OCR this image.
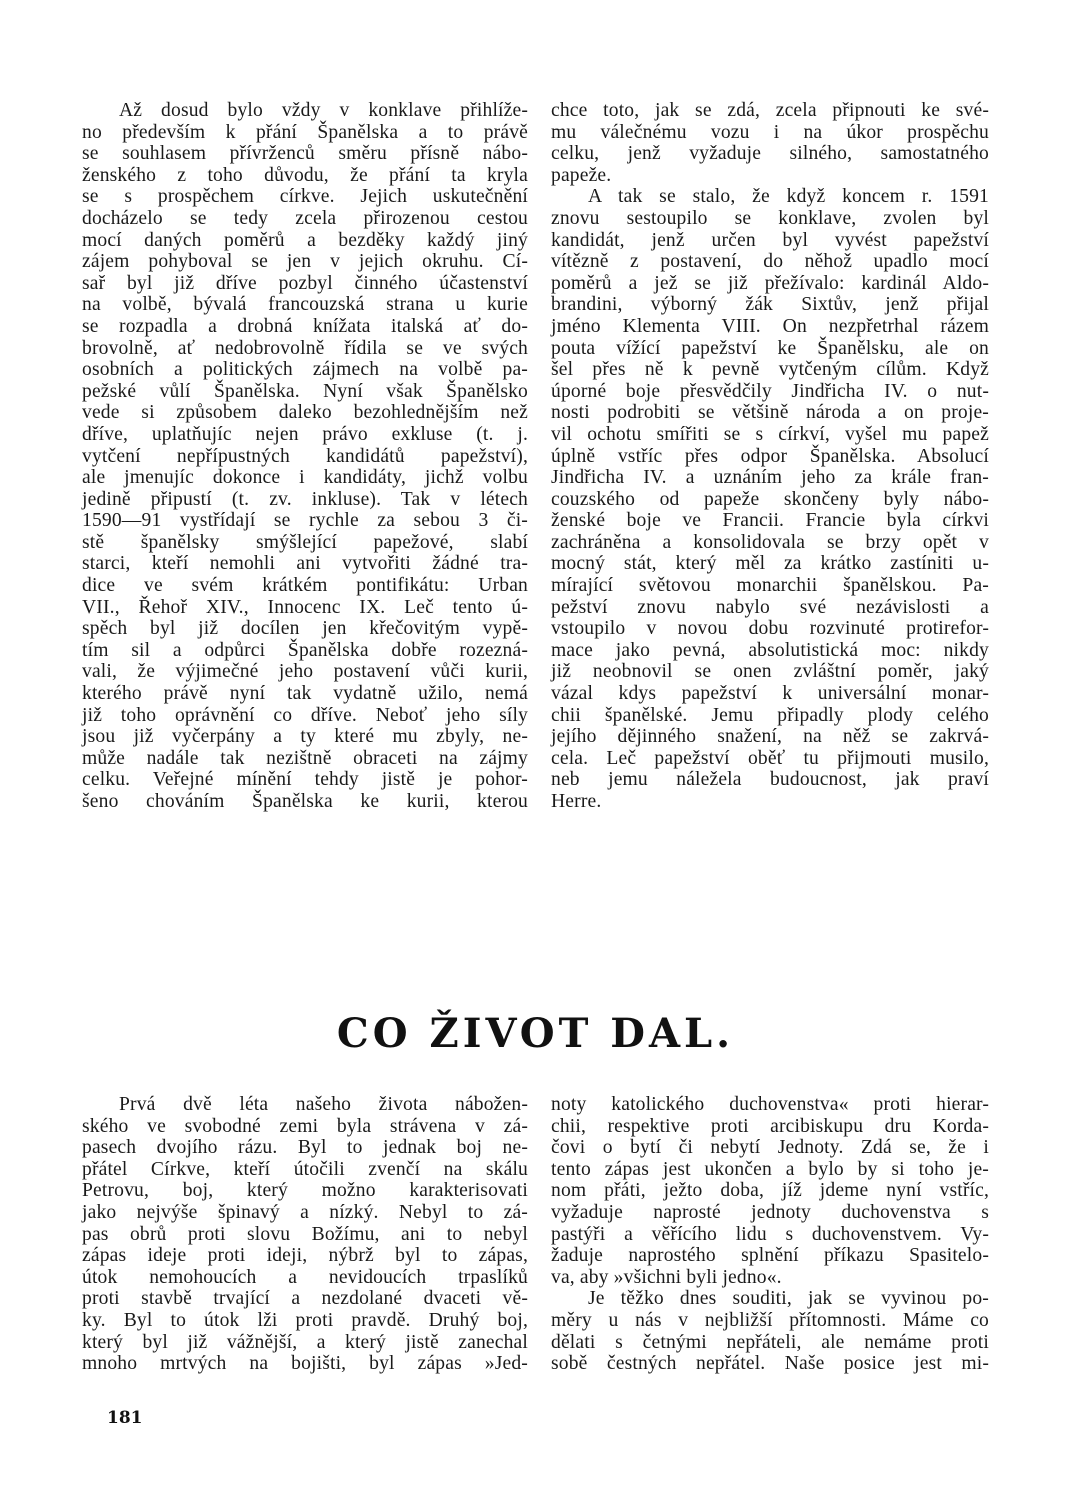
Až dosud bylo vždy v konklave přihlíže-
no především k přání Španělska a to právě
se souhlasem přívrženců směru přísně nábo-
ženského z toho důvodu, že přání ta kryla
se s prospěchem církve. Jejich uskutečnění
docházelo se tedy zcela přirozenou cestou
mocí daných poměrů a bezděky každý jiný
zájem pohyboval se jen v jejich okruhu. Cí-
sař byl již dříve pozbyl činného účastenství
na volbě, bývalá francouzská strana u kurie
se rozpadla a drobná knížata italská ať do-
brovolně, ať nedobrovolně řídila se ve svých
osobních a politických zájmech na volbě pa-
pežské vůlí Španělska. Nyní však Španělsko
vede si způsobem daleko bezohlednějším než
dříve, uplatňujíc nejen právo exkluse (t. j.
vytčení nepřípustných kandidátů papežství),
ale jmenujíc dokonce i kandidáty, jichž volbu
jedině připustí (t. zv. inkluse). Tak v létech
1590—91 vystřídají se rychle za sebou 3 či-
stě španělsky smýšlející papežové, slabí
starci, kteří nemohli ani vytvořiti žádné tra-
dice ve svém krátkém pontifikátu: Urban
VII., Řehoř XIV., Innocenc IX. Leč tento ú-
spěch byl již docílen jen křečovitým vypě-
tím sil a odpůrci Španělska dobře rozezná-
vali, že výjimečné jeho postavení vůči kurii,
kterého právě nyní tak vydatně užilo, nemá
již toho oprávnění co dříve. Neboť jeho síly
jsou již vyčerpány a ty které mu zbyly, ne-
může nadále tak nezištně obraceti na zájmy
celku. Veřejné mínění tehdy jistě je pohor-
šeno chováním Španělska ke kurii, kterou
chce toto, jak se zdá, zcela připnouti ke své-
mu válečnému vozu i na úkor prospěchu
celku, jenž vyžaduje silného, samostatného
papeže.
A tak se stalo, že když koncem r. 1591
znovu sestoupilo se konklave, zvolen byl
kandidát, jenž určen byl vyvést papežství
vítězně z postavení, do něhož upadlo mocí
poměrů a jež se již přežívalo: kardinál Aldo-
brandini, výborný žák Sixtův, jenž přijal
jméno Klementa VIII. On nezpřetrhal rázem
pouta vížící papežství ke Španělsku, ale on
šel přes ně k pevně vytčeným cílům. Když
úporné boje přesvědčily Jindřicha IV. o nut-
nosti podrobiti se většině národa a on proje-
vil ochotu smířiti se s církví, vyšel mu papež
úplně vstříc přes odpor Španělska. Absolucí
Jindřicha IV. a uznáním jeho za krále fran-
couzského od papeže skončeny byly nábo-
ženské boje ve Francii. Francie byla církvi
zachráněna a konsolidovala se brzy opět v
mocný stát, který měl za krátko zastíniti u-
mírající světovou monarchii španělskou. Pa-
pežství znovu nabylo své nezávislosti a
vstoupilo v novou dobu rozvinuté protirefor-
mace jako pevná, absolutistická moc: nikdy
již neobnovil se onen zvláštní poměr, jaký
vázal kdys papežství k universální monar-
chii španělské. Jemu připadly plody celého
jejího dějinného snažení, na něž se zakrvá-
cela. Leč papežství oběť tu přijmouti musilo,
neb jemu náležela budoucnost, jak praví
Herre.
CO ŽIVOT DAL.
Prvá dvě léta našeho života nábožen-
ského ve svobodné zemi byla strávena v zá-
pasech dvojího rázu. Byl to jednak boj ne-
přátel Církve, kteří útočili zvenčí na skálu
Petrovu, boj, který možno karakterisovati
jako nejvýše špinavý a nízký. Nebyl to zá-
pas obrů proti slovu Božímu, ani to nebyl
zápas ideje proti ideji, nýbrž byl to zápas,
útok nemohoucích a nevidoucích trpaslíků
proti stavbě trvající a nezdolané dvaceti vě-
ky. Byl to útok lži proti pravdě. Druhý boj,
který byl již vážnější, a který jistě zanechal
mnoho mrtvých na bojišti, byl zápas »Jed-
noty katolického duchovenstva« proti hierar-
chii, respektive proti arcibiskupu dru Korda-
čovi o bytí či nebytí Jednoty. Zdá se, že i
tento zápas jest ukončen a bylo by si toho je-
nom přáti, ježto doba, jíž jdeme nyní vstříc,
vyžaduje naprosté jednoty duchovenstva s
pastýři a věřícího lidu s duchovenstvem. Vy-
žaduje naprostého splnění příkazu Spasitelo-
va, aby »všichni byli jedno«.
Je těžko dnes souditi, jak se vyvinou po-
měry u nás v nejbližší přítomnosti. Máme co
dělati s četnými nepřáteli, ale nemáme proti
sobě čestných nepřátel. Naše posice jest mi-
181
